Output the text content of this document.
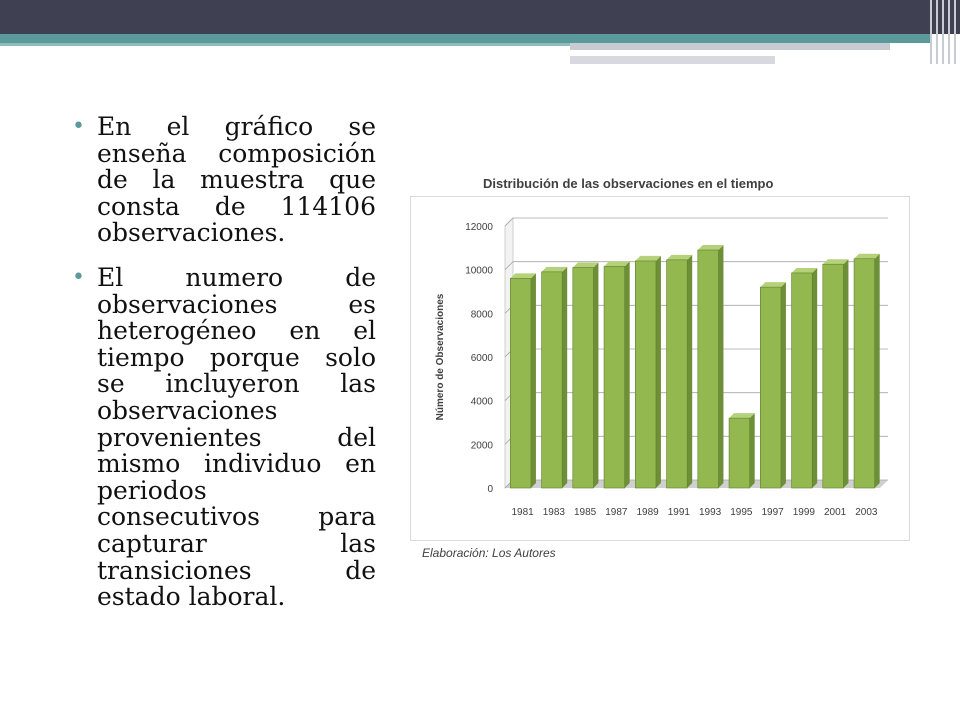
• En el gráfico se enseña composición de la muestra que consta de 114106 observaciones.
• El numero de observaciones es heterogéneo en el tiempo porque solo se incluyeron las observaciones provenientes del mismo individuo en periodos consecutivos para capturar las transiciones de estado laboral.
Distribución de las observaciones en el tiempo
0
2000
4000
6000
8000
10000
12000
Número de Observaciones
1981 1983 1985 1987 1989 1991 1993 1995 1997 1999 2001 2003
Elaboración: Los Autores
